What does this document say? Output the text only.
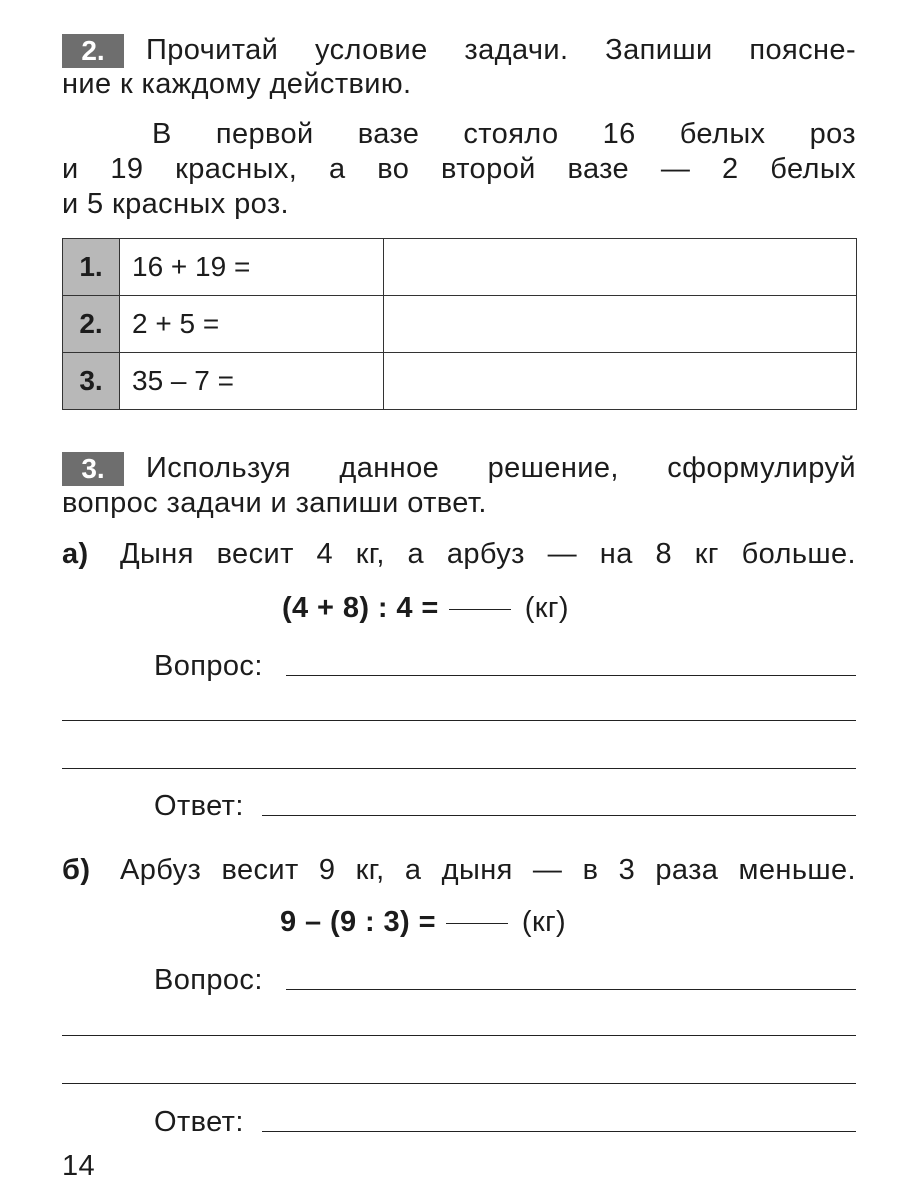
2.	Прочитай условие задачи. Запиши поясне-
ние к каждому действию.
В первой вазе стояло 16 белых роз
и 19 красных, а во второй вазе — 2 белых
и 5 красных роз.
1.	16 + 19 =	
2.	2 + 5 =	
3.	35 – 7 =	
3.	Используя данное решение, сформулируй
вопрос задачи и запиши ответ.
а) Дыня весит 4 кг, а арбуз — на 8 кг больше.
(4 + 8) : 4 =	(кг)
Вопрос:
Ответ:
б) Арбуз весит 9 кг, а дыня — в 3 раза меньше.
9 – (9 : 3) =	(кг)
Вопрос:
Ответ:
14
